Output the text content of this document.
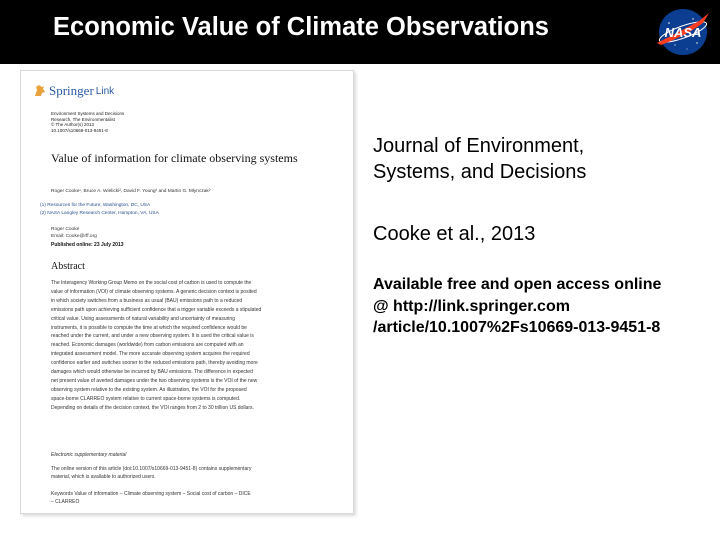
Economic Value of Climate Observations	NASA
Springer Link
Environment Systems and Decisions
Research, The Environmentalist
© The Author(s) 2013
10.1007/s10669-013-9451-8
Value of information for climate observing systems
Roger Cooke¹, Bruce A. Wielicki², David F. Young² and Martin G. Mlynczak²
(1) Resources for the Future, Washington, DC, USA
(2) NASA Langley Research Center, Hampton, VA, USA
Roger Cooke
Email: Cooke@rff.org
Published online: 23 July 2013
Abstract
The Interagency Working Group Memo on the social cost of carbon is used to compute the
value of information (VOI) of climate observing systems. A generic decision context is posited
in which society switches from a business as usual (BAU) emissions path to a reduced
emissions path upon achieving sufficient confidence that a trigger variable exceeds a stipulated
critical value. Using assessments of natural variability and uncertainty of measuring
instruments, it is possible to compute the time at which the required confidence would be
reached under the current, and under a new observing system. It is used the critical value is
reached. Economic damages (worldwide) from carbon emissions are computed with an
integrated assessment model. The more accurate observing system acquires the required
confidence earlier and switches sooner to the reduced emissions path, thereby avoiding more
damages which would otherwise be incurred by BAU emissions. The difference in expected
net present value of averted damages under the two observing systems is the VOI of the new
observing system relative to the existing system. As illustration, the VOI for the proposed
space-borne CLARREO system relative to current space-borne systems is computed.
Depending on details of the decision context, the VOI ranges from 2 to 30 trillion US dollars.
Electronic supplementary material
The online version of this article (doi:10.1007/s10669-013-9451-8) contains supplementary
material, which is available to authorized users.
Keywords Value of information – Climate observing system – Social cost of carbon – DICE
– CLARREO
Journal of Environment,
Systems, and Decisions
Cooke et al., 2013
Available free and open access online
@ http://link.springer.com
/article/10.1007%2Fs10669-013-9451-8
